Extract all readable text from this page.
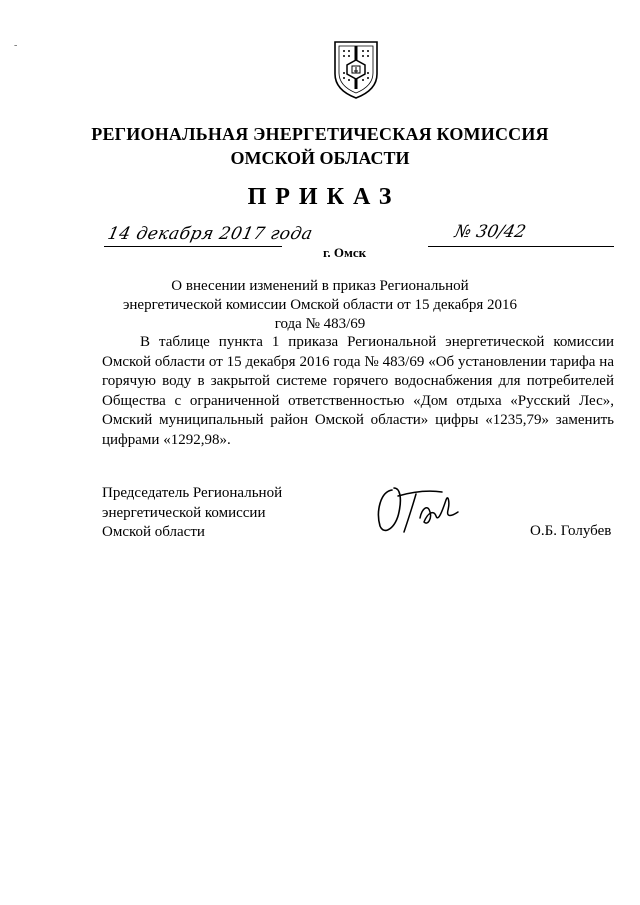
-
РЕГИОНАЛЬНАЯ ЭНЕРГЕТИЧЕСКАЯ КОМИССИЯ
ОМСКОЙ ОБЛАСТИ
ПРИКАЗ
14 декабря 2017 года
г. Омск
№ 30/42
О внесении изменений в приказ Региональной энергетической комиссии Омской области от 15 декабря 2016 года № 483/69
В таблице пункта 1 приказа Региональной энергетической комиссии Омской области от 15 декабря 2016 года № 483/69 «Об установлении тарифа на горячую воду в закрытой системе горячего водоснабжения для потребителей Общества с ограниченной ответственностью «Дом отдыха «Русский Лес», Омский муниципальный район Омской области» цифры «1235,79» заменить цифрами «1292,98».
Председатель Региональной
энергетической комиссии
Омской области	О.Б. Голубев
